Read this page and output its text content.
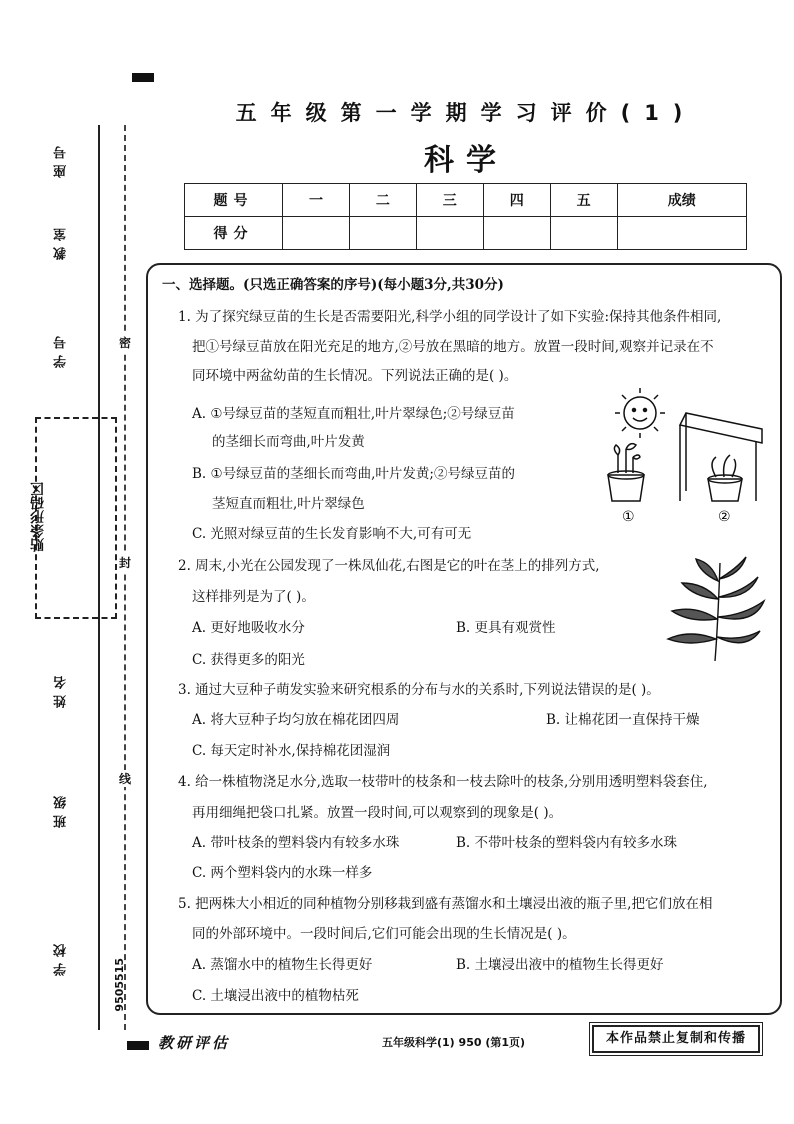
座号
教室
学号
姓名
班级
学校
密
封
线
贴条形码区
9505515
五年级第一学期学习评价(1)
科学
题号	一	二	三	四	五	成绩
得分						
一、选择题。(只选正确答案的序号)(每小题3分,共30分)
1. 为了探究绿豆苗的生长是否需要阳光,科学小组的同学设计了如下实验:保持其他条件相同,
把①号绿豆苗放在阳光充足的地方,②号放在黑暗的地方。放置一段时间,观察并记录在不
同环境中两盆幼苗的生长情况。下列说法正确的是( )。
A. ①号绿豆苗的茎短直而粗壮,叶片翠绿色;②号绿豆苗
的茎细长而弯曲,叶片发黄
B. ①号绿豆苗的茎细长而弯曲,叶片发黄;②号绿豆苗的
茎短直而粗壮,叶片翠绿色
C. 光照对绿豆苗的生长发育影响不大,可有可无
2. 周末,小光在公园发现了一株凤仙花,右图是它的叶在茎上的排列方式,
这样排列是为了( )。
A. 更好地吸收水分	B. 更具有观赏性
C. 获得更多的阳光
3. 通过大豆种子萌发实验来研究根系的分布与水的关系时,下列说法错误的是( )。
A. 将大豆种子均匀放在棉花团四周	B. 让棉花团一直保持干燥
C. 每天定时补水,保持棉花团湿润
4. 给一株植物浇足水分,选取一枝带叶的枝条和一枝去除叶的枝条,分别用透明塑料袋套住,
再用细绳把袋口扎紧。放置一段时间,可以观察到的现象是( )。
A. 带叶枝条的塑料袋内有较多水珠	B. 不带叶枝条的塑料袋内有较多水珠
C. 两个塑料袋内的水珠一样多
5. 把两株大小相近的同种植物分别移栽到盛有蒸馏水和土壤浸出液的瓶子里,把它们放在相
同的外部环境中。一段时间后,它们可能会出现的生长情况是( )。
A. 蒸馏水中的植物生长得更好	B. 土壤浸出液中的植物生长得更好
C. 土壤浸出液中的植物枯死
①	②
教研评估	五年级科学(1) 950 (第1页)	本作品禁止复制和传播
